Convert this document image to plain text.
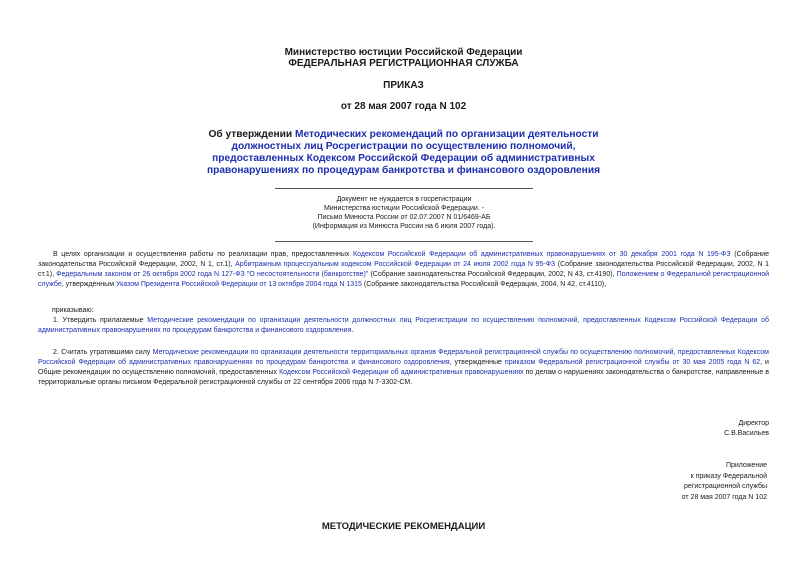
Министерство юстиции Российской Федерации
ФЕДЕРАЛЬНАЯ РЕГИСТРАЦИОННАЯ СЛУЖБА
ПРИКАЗ
от 28 мая 2007 года N 102
Об утверждении Методических рекомендаций по организации деятельности должностных лиц Росрегистрации по осуществлению полномочий, предоставленных Кодексом Российской Федерации об административных правонарушениях по процедурам банкротства и финансового оздоровления
Документ не нуждается в госрегистрации
Министерства юстиции Российской Федерации. -
Письмо Минюста России от 02.07.2007 N 01/6469-АБ
(Информация из Минюста России на 6 июля 2007 года).
В целях организации и осуществления работы по реализации прав, предоставленных Кодексом Российской Федерации об административных правонарушениях от 30 декабря 2001 года N 195-ФЗ (Собрание законодательства Российской Федерации, 2002, N 1, ст.1), Арбитражным процессуальным кодексом Российской Федерации от 24 июля 2002 года N 95-ФЗ (Собрание законодательства Российской Федерации, 2002, N 1 ст.1), Федеральным законом от 26 октября 2002 года N 127-ФЗ "О несостоятельности (банкротстве)" (Собрание законодательства Российской Федерации, 2002, N 43, ст.4190), Положением о Федеральной регистрационной службе, утвержденным Указом Президента Российской Федерации от 13 октября 2004 года N 1315 (Собрание законодательства Российской Федерации, 2004, N 42, ст.4110),
приказываю:
1. Утвердить прилагаемые Методические рекомендации по организации деятельности должностных лиц Росрегистрации по осуществлению полномочий, предоставленных Кодексом Российской Федерации об административных правонарушениях по процедурам банкротства и финансового оздоровления.
2. Считать утратившими силу Методические рекомендации по организации деятельности территориальных органов Федеральной регистрационной службы по осуществлению полномочий, предоставленных Кодексом Российской Федерации об административных правонарушениях по процедурам банкротства и финансового оздоровления, утвержденные приказом Федеральной регистрационной службы от 30 мая 2005 года N 62, и Общие рекомендации по осуществлению полномочий, предоставленных Кодексом Российской Федерации об административных правонарушениях по делам о нарушениях законодательства о банкротстве, направленные в территориальные органы письмом Федеральной регистрационной службы от 22 сентября 2006 года N 7-3302-СМ.
Директор
С.В.Васильев
Приложение
к приказу Федеральной
регистрационной службы
от 28 мая 2007 года N 102
МЕТОДИЧЕСКИЕ РЕКОМЕНДАЦИИ
